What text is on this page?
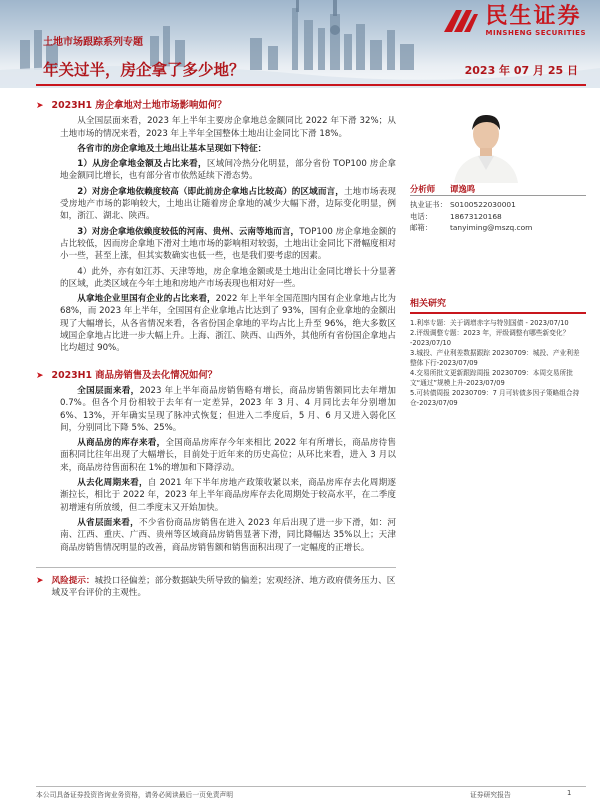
民生证券
MINSHENG SECURITIES
土地市场跟踪系列专题
年关过半，房企拿了多少地？	2023 年 07 月 25 日
➤ 2023H1 房企拿地对土地市场影响如何？

从全国层面来看，2023 年上半年主要房企拿地总金额同比 2022 年下滑 32%；从土地市场的情况来看，2023 年上半年全国整体土地出让金同比下滑 18%。

各省市的房企拿地及土地出让基本呈现如下特征：

1）从房企拿地金额及占比来看，区域间冷热分化明显，部分省份 TOP100 房企拿地金额同比增长，也有部分省市依然延续下滑态势。

2）对房企拿地依赖度较高（即此前房企拿地占比较高）的区域而言，土地市场表现受房地产市场的影响较大，土地出让随着房企拿地的减少大幅下滑，边际变化明显，例如，浙江、湖北、陕西。

3）对房企拿地依赖度较低的河南、贵州、云南等地而言，TOP100 房企拿地金额的占比较低，因而房企拿地下滑对土地市场的影响相对较弱，土地出让金同比下滑幅度相对小一些，甚至上涨，但其实数确实也低一些，也是我们要考虑的因素。

4）此外，亦有如江苏、天津等地，房企拿地金额或是土地出让金同比增长十分显著的区域，此类区域在今年土地和房地产市场表现也相对好一些。

从拿地企业里国有企业的占比来看，2022 年上半年全国范围内国有企业拿地占比为 68%，而 2023 年上半年，全国国有企业拿地占比达到了 93%，国有企业拿地的金额出现了大幅增长，从各省情况来看，各省份国企拿地的平均占比上升至 96%，绝大多数区域国企拿地占比进一步大幅上升。上海、浙江、陕西、山西外，其他所有省份国企拿地占比均超过 90%。

➤ 2023H1 商品房销售及去化情况如何？

全国层面来看，2023 年上半年商品房销售略有增长，商品房销售额同比去年增加 0.7%。但各个月份相较于去年有一定差异，2023 年 3 月、4 月同比去年分别增加 6%、13%，开年确实呈现了脉冲式恢复；但进入二季度后，5 月、6 月又进入弱化区间，分别同比下降 5%、25%。

从商品房的库存来看，全国商品房库存今年来相比 2022 年有所增长，商品房待售面积同比往年出现了大幅增长，目前处于近年来的历史高位；从环比来看，进入 3 月以来，商品房待售面积在 1%的增加和下降浮动。

从去化周期来看，自 2021 年下半年房地产政策收紧以来，商品房库存去化周期逐渐拉长，相比于 2022 年，2023 年上半年商品房库存去化周期处于较高水平，在二季度初增速有所放缓，但二季度末又开始加快。

从省层面来看，不少省份商品房销售在进入 2023 年后出现了进一步下滑，如：河南、江西、重庆、广西、贵州等区域商品房销售显著下滑，同比降幅达 35%以上；天津商品房销售情况明显的改善，商品房销售额和销售面积出现了一定幅度的正增长。

➤ 风险提示：城投口径偏差；部分数据缺失所导致的偏差；宏观经济、地方政府债务压力、区域及平台评价的主观性。
分析师	谭逸鸣
执业证书： S0100522030001
电话：	18673120168
邮箱：	tanyiming@mszq.com
相关研究
1.利率专题：关于调增赤字与特别国债 - 2023/07/10
2.评级调整专题：2023 年，评级调整有哪些新变化？ -2023/07/10
3.城投、产业利差数据跟踪 20230709：城投、产业利差整体下行-2023/07/09
4.交易所批文更新跟踪周报 20230709：本周交易所批文“通过”规模上升-2023/07/09
5.可转债周报 20230709：7 月可转债多因子策略组合持仓-2023/07/09
本公司具备证券投资咨询业务资格，请务必阅读最后一页免责声明	证券研究报告	1
